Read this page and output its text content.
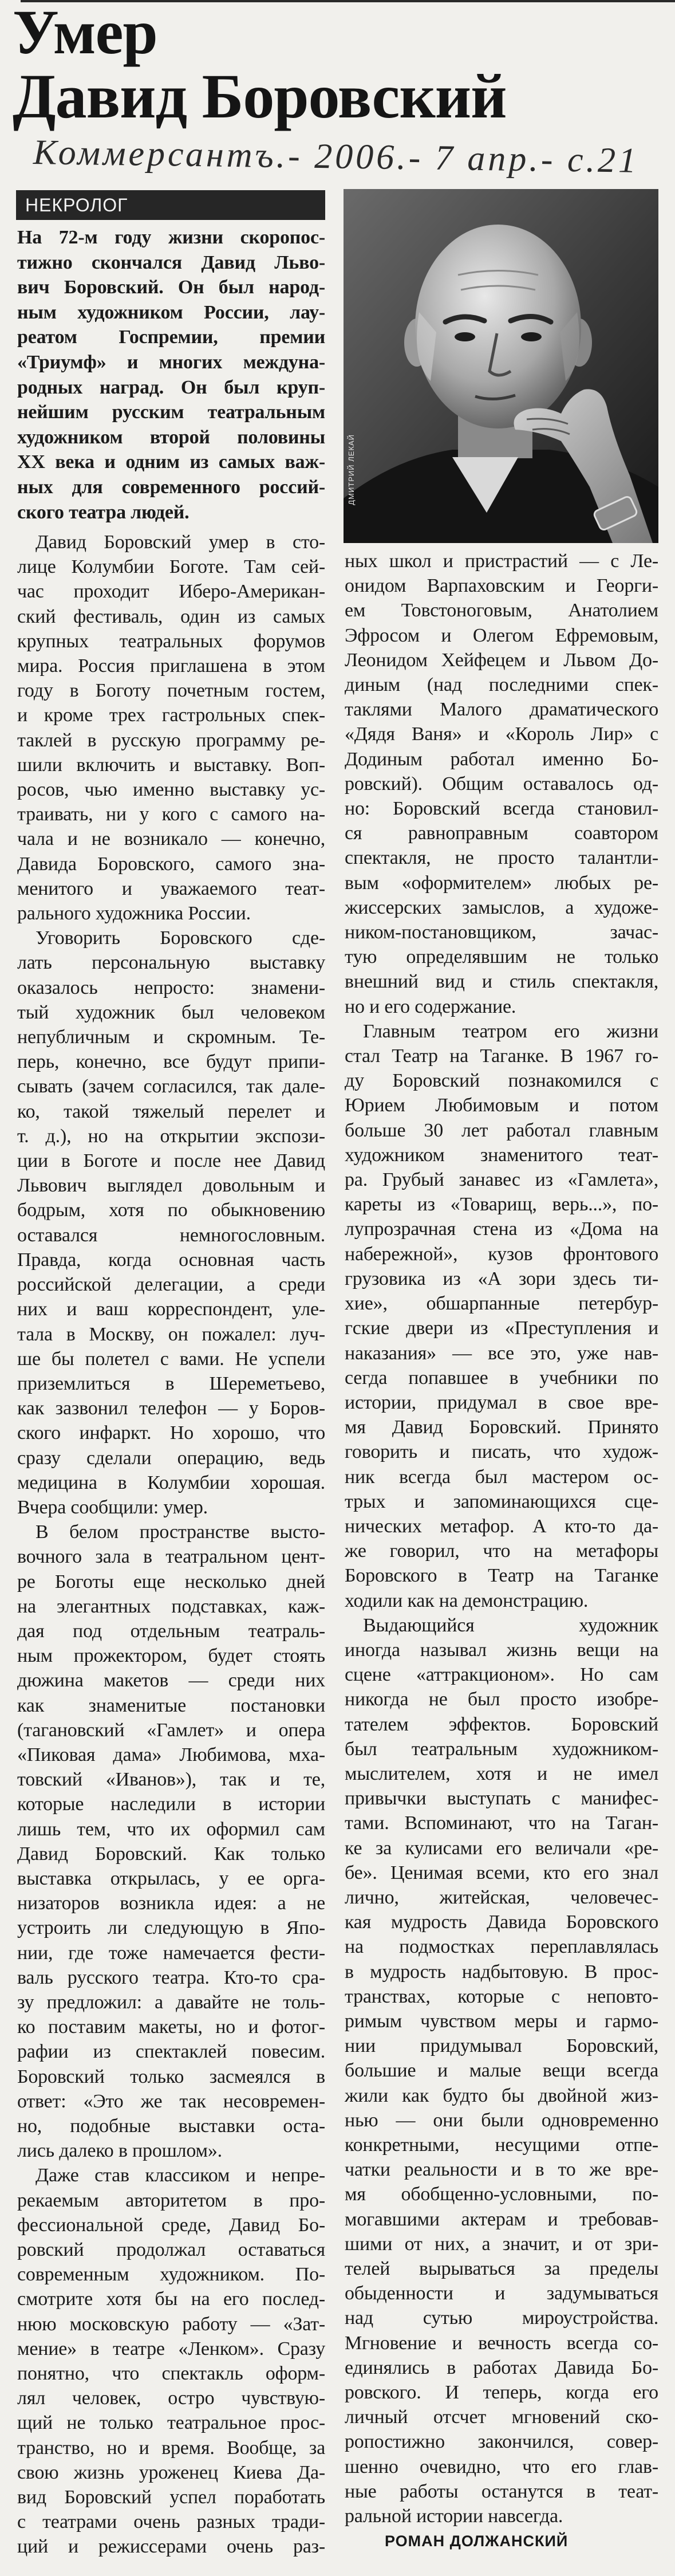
Умер
Давид Боровский
Коммерсантъ.- 2006.- 7 апр.- с.21
НЕКРОЛОГ
На 72-м году жизни скоропос-
тижно скончался Давид Льво-
вич Боровский. Он был народ-
ным художником России, лау-
реатом Госпремии, премии
«Триумф» и многих междуна-
родных наград. Он был круп-
нейшим русским театральным
художником второй половины
XX века и одним из самых важ-
ных для современного россий-
ского театра людей.
ДМИТРИЙ ЛЕКАЙ
Давид Боровский умер в сто-
лице Колумбии Боготе. Там сей-
час проходит Иберо-Американ-
ский фестиваль, один из самых
крупных театральных форумов
мира. Россия приглашена в этом
году в Боготу почетным гостем,
и кроме трех гастрольных спек-
таклей в русскую программу ре-
шили включить и выставку. Воп-
росов, чью именно выставку ус-
траивать, ни у кого с самого на-
чала и не возникало — конечно,
Давида Боровского, самого зна-
менитого и уважаемого теат-
рального художника России.
Уговорить Боровского сде-
лать персональную выставку
оказалось непросто: знамени-
тый художник был человеком
непубличным и скромным. Те-
перь, конечно, все будут припи-
сывать (зачем согласился, так дале-
ко, такой тяжелый перелет и
т. д.), но на открытии экспози-
ции в Боготе и после нее Давид
Львович выглядел довольным и
бодрым, хотя по обыкновению
оставался немногословным.
Правда, когда основная часть
российской делегации, а среди
них и ваш корреспондент, уле-
тала в Москву, он пожалел: луч-
ше бы полетел с вами. Не успели
приземлиться в Шереметьево,
как зазвонил телефон — у Боров-
ского инфаркт. Но хорошо, что
сразу сделали операцию, ведь
медицина в Колумбии хорошая.
Вчера сообщили: умер.
В белом пространстве высто-
вочного зала в театральном цент-
ре Боготы еще несколько дней
на элегантных подставках, каж-
дая под отдельным театраль-
ным прожектором, будет стоять
дюжина макетов — среди них
как знаменитые постановки
(тагановский «Гамлет» и опера
«Пиковая дама» Любимова, мха-
товский «Иванов»), так и те,
которые наследили в истории
лишь тем, что их оформил сам
Давид Боровский. Как только
выставка открылась, у ее орга-
низаторов возникла идея: а не
устроить ли следующую в Япо-
нии, где тоже намечается фести-
валь русского театра. Кто-то сра-
зу предложил: а давайте не толь-
ко поставим макеты, но и фотог-
рафии из спектаклей повесим.
Боровский только засмеялся в
ответ: «Это же так несовремен-
но, подобные выставки оста-
лись далеко в прошлом».
Даже став классиком и непре-
рекаемым авторитетом в про-
фессиональной среде, Давид Бо-
ровский продолжал оставаться
современным художником. По-
смотрите хотя бы на его послед-
нюю московскую работу — «Зат-
мение» в театре «Ленком». Сразу
понятно, что спектакль оформ-
лял человек, остро чувствую-
щий не только театральное прос-
транство, но и время. Вообще, за
свою жизнь уроженец Киева Да-
вид Боровский успел поработать
с театрами очень разных тради-
ций и режиссерами очень раз-
ных школ и пристрастий — с Ле-
онидом Варпаховским и Георги-
ем Товстоноговым, Анатолием
Эфросом и Олегом Ефремовым,
Леонидом Хейфецем и Львом До-
диным (над последними спек-
таклями Малого драматического
«Дядя Ваня» и «Король Лир» с
Додиным работал именно Бо-
ровский). Общим оставалось од-
но: Боровский всегда становил-
ся равноправным соавтором
спектакля, не просто талантли-
вым «оформителем» любых ре-
жиссерских замыслов, а художе-
ником-постановщиком, зачас-
тую определявшим не только
внешний вид и стиль спектакля,
но и его содержание.
Главным театром его жизни
стал Театр на Таганке. В 1967 го-
ду Боровский познакомился с
Юрием Любимовым и потом
больше 30 лет работал главным
художником знаменитого теат-
ра. Грубый занавес из «Гамлета»,
кареты из «Товарищ, верь...», по-
лупрозрачная стена из «Дома на
набережной», кузов фронтового
грузовика из «А зори здесь ти-
хие», обшарпанные петербур-
гские двери из «Преступления и
наказания» — все это, уже нав-
сегда попавшее в учебники по
истории, придумал в свое вре-
мя Давид Боровский. Принято
говорить и писать, что худож-
ник всегда был мастером ос-
трых и запоминающихся сце-
нических метафор. А кто-то да-
же говорил, что на метафоры
Боровского в Театр на Таганке
ходили как на демонстрацию.
Выдающийся художник
иногда называл жизнь вещи на
сцене «аттракционом». Но сам
никогда не был просто изобре-
тателем эффектов. Боровский
был театральным художником-
мыслителем, хотя и не имел
привычки выступать с манифес-
тами. Вспоминают, что на Таган-
ке за кулисами его величали «ре-
бе». Ценимая всеми, кто его знал
лично, житейская, человечес-
кая мудрость Давида Боровского
на подмостках переплавлялась
в мудрость надбытовую. В прос-
транствах, которые с неповто-
римым чувством меры и гармо-
нии придумывал Боровский,
большие и малые вещи всегда
жили как будто бы двойной жиз-
нью — они были одновременно
конкретными, несущими отпе-
чатки реальности и в то же вре-
мя обобщенно-условными, по-
могавшими актерам и требовав-
шими от них, а значит, и от зри-
телей вырываться за пределы
обыденности и задумываться
над сутью мироустройства.
Мгновение и вечность всегда со-
единялись в работах Давида Бо-
ровского. И теперь, когда его
личный отсчет мгновений ско-
ропостижно закончился, совер-
шенно очевидно, что его глав-
ные работы останутся в теат-
ральной истории навсегда.
РОМАН ДОЛЖАНСКИЙ
